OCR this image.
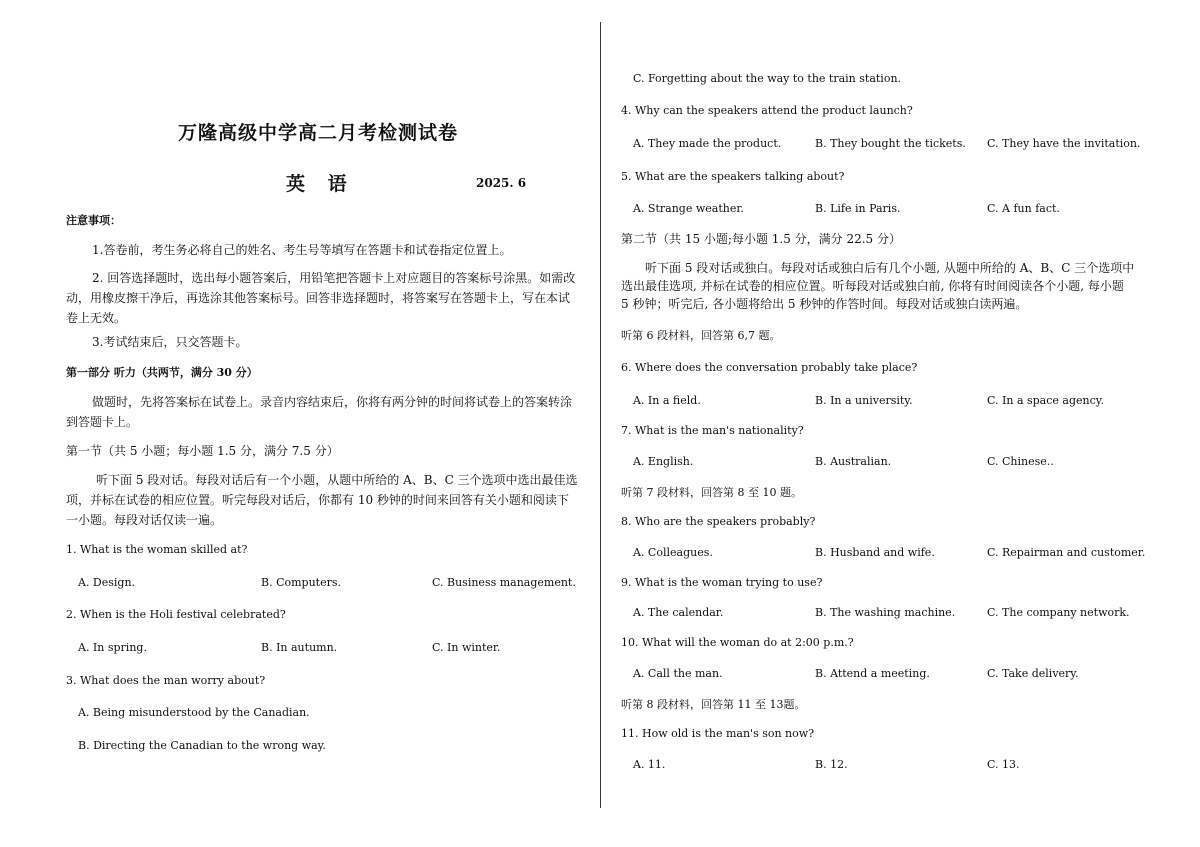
万隆高级中学高二月考检测试卷
英 语	2025. 6
注意事项：
1.答卷前，考生务必将自己的姓名、考生号等填写在答题卡和试卷指定位置上。
2. 回答选择题时，选出每小题答案后，用铅笔把答题卡上对应题目的答案标号涂黑。如需改动，用橡皮擦干净后，再选涂其他答案标号。回答非选择题时，将答案写在答题卡上，写在本试卷上无效。
3.考试结束后，只交答题卡。
第一部分 听力（共两节，满分 30 分）
做题时，先将答案标在试卷上。录音内容结束后，你将有两分钟的时间将试卷上的答案转涂到答题卡上。
第一节（共 5 小题；每小题 1.5 分，满分 7.5 分）
听下面 5 段对话。每段对话后有一个小题，从题中所给的 A、B、C 三个选项中选出最佳选项，并标在试卷的相应位置。听完每段对话后，你都有 10 秒钟的时间来回答有关小题和阅读下一小题。每段对话仅读一遍。
1. What is the woman skilled at?
A. Design.	B. Computers.	C. Business management.
2. When is the Holi festival celebrated?
A. In spring.	B. In autumn.	C. In winter.
3. What does the man worry about?
A. Being misunderstood by the Canadian.
B. Directing the Canadian to the wrong way.
C. Forgetting about the way to the train station.
4. Why can the speakers attend the product launch?
A. They made the product.	B. They bought the tickets. C. They have the invitation.
5. What are the speakers talking about?
A. Strange weather.	B. Life in Paris.	C. A fun fact.
第二节（共 15 小题;每小题 1.5 分，满分 22.5 分）
听下面 5 段对话或独白。每段对话或独白后有几个小题, 从题中所给的 A、B、C 三个选项中选出最佳选项, 并标在试卷的相应位置。听每段对话或独白前, 你将有时间阅读各个小题, 每小题 5 秒钟；听完后, 各小题将给出 5 秒钟的作答时间。每段对话或独白读两遍。
听第 6 段材料，回答第 6,7 题。
6. Where does the conversation probably take place?
A. In a field.	B. In a university.	C. In a space agency.
7. What is the man's nationality?
A. English.	B. Australian.	C. Chinese..
听第 7 段材料，回答第 8 至 10 题。
8. Who are the speakers probably?
A. Colleagues.	B. Husband and wife.	C. Repairman and customer.
9. What is the woman trying to use?
A. The calendar.	B. The washing machine.	C. The company network.
10. What will the woman do at 2:00 p.m.?
A. Call the man.	B. Attend a meeting.	C. Take delivery.
听第 8 段材料，回答第 11 至 13题。
11. How old is the man's son now?
A. 11.	B. 12.	C. 13.
